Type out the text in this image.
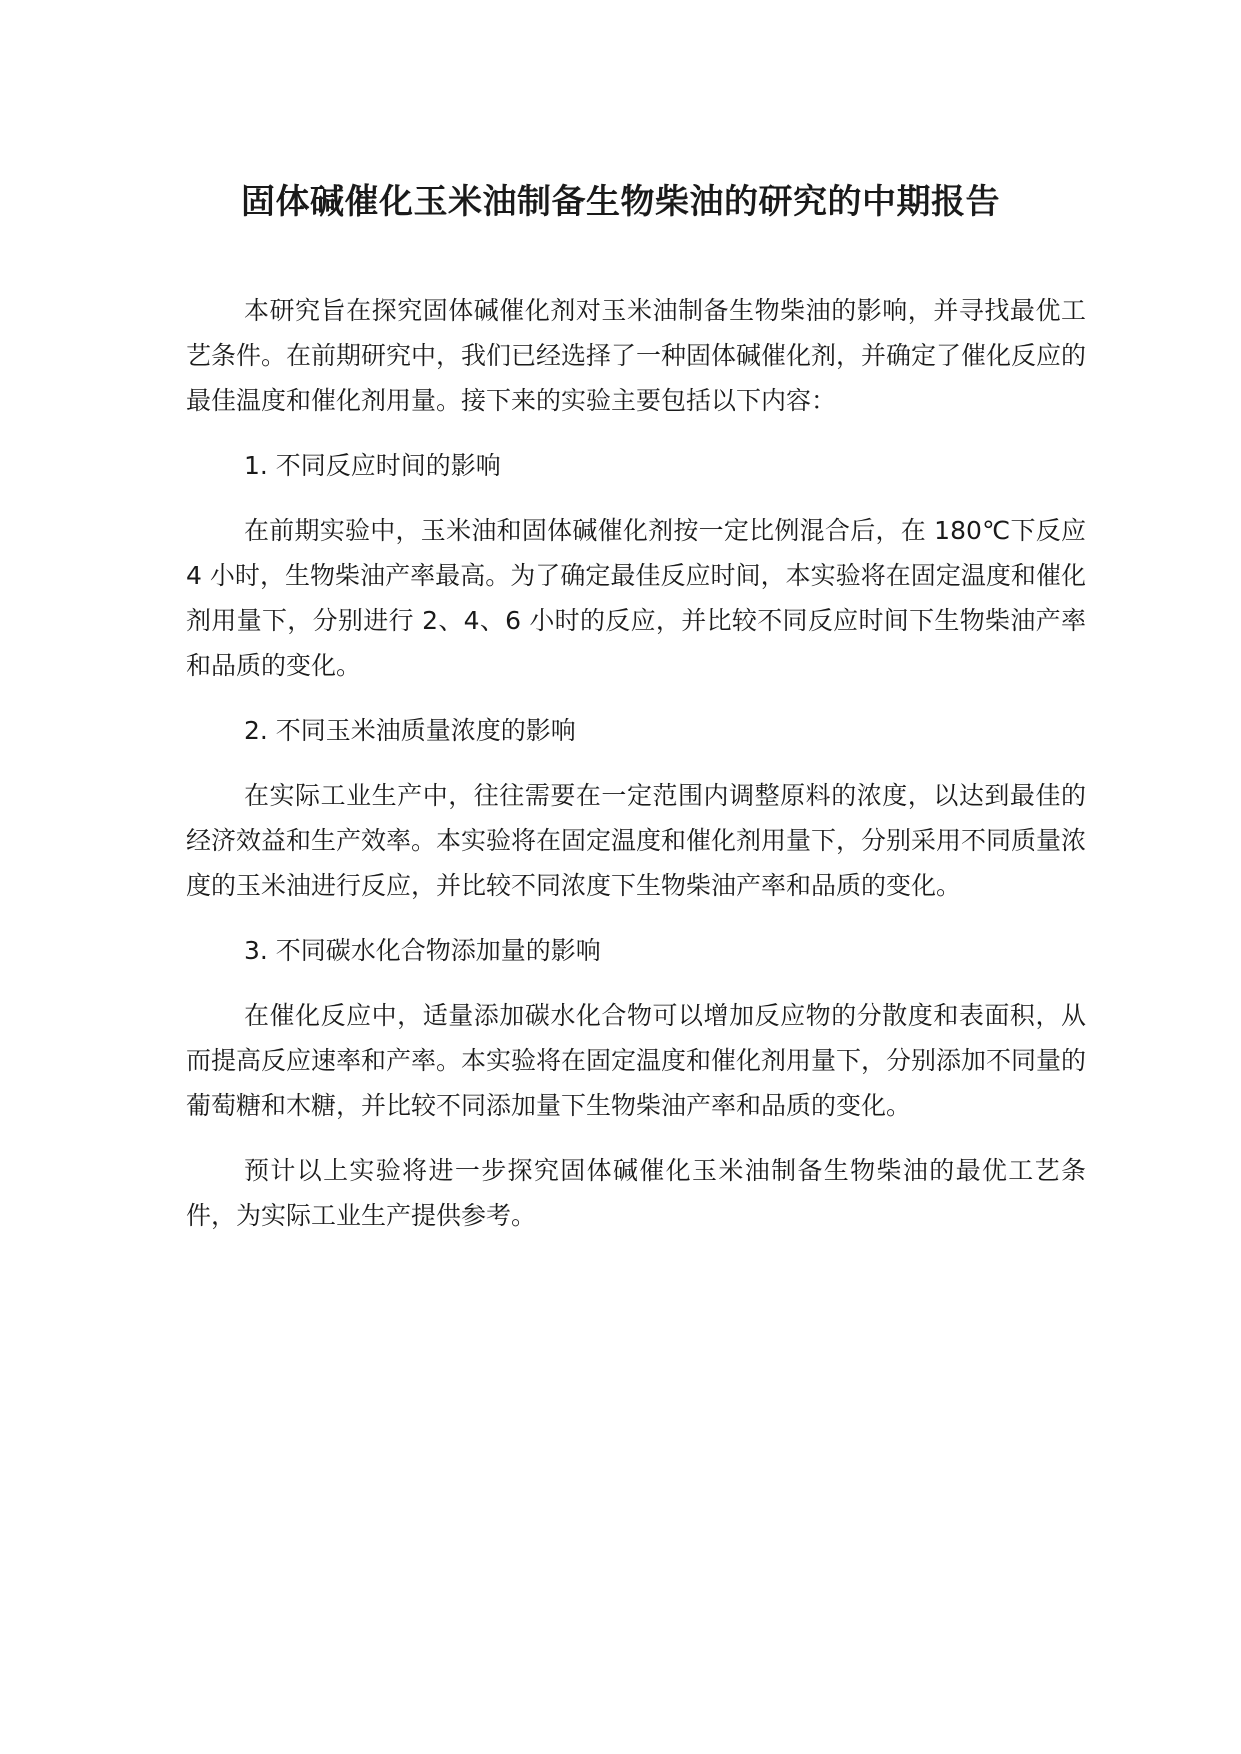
固体碱催化玉米油制备生物柴油的研究的中期报告

本研究旨在探究固体碱催化剂对玉米油制备生物柴油的影响，并寻找最优工艺条件。在前期研究中，我们已经选择了一种固体碱催化剂，并确定了催化反应的最佳温度和催化剂用量。接下来的实验主要包括以下内容：

1. 不同反应时间的影响

在前期实验中，玉米油和固体碱催化剂按一定比例混合后，在 180℃下反应 4 小时，生物柴油产率最高。为了确定最佳反应时间，本实验将在固定温度和催化剂用量下，分别进行 2、4、6 小时的反应，并比较不同反应时间下生物柴油产率和品质的变化。

2. 不同玉米油质量浓度的影响

在实际工业生产中，往往需要在一定范围内调整原料的浓度，以达到最佳的经济效益和生产效率。本实验将在固定温度和催化剂用量下，分别采用不同质量浓度的玉米油进行反应，并比较不同浓度下生物柴油产率和品质的变化。

3. 不同碳水化合物添加量的影响

在催化反应中，适量添加碳水化合物可以增加反应物的分散度和表面积，从而提高反应速率和产率。本实验将在固定温度和催化剂用量下，分别添加不同量的葡萄糖和木糖，并比较不同添加量下生物柴油产率和品质的变化。

预计以上实验将进一步探究固体碱催化玉米油制备生物柴油的最优工艺条件，为实际工业生产提供参考。
